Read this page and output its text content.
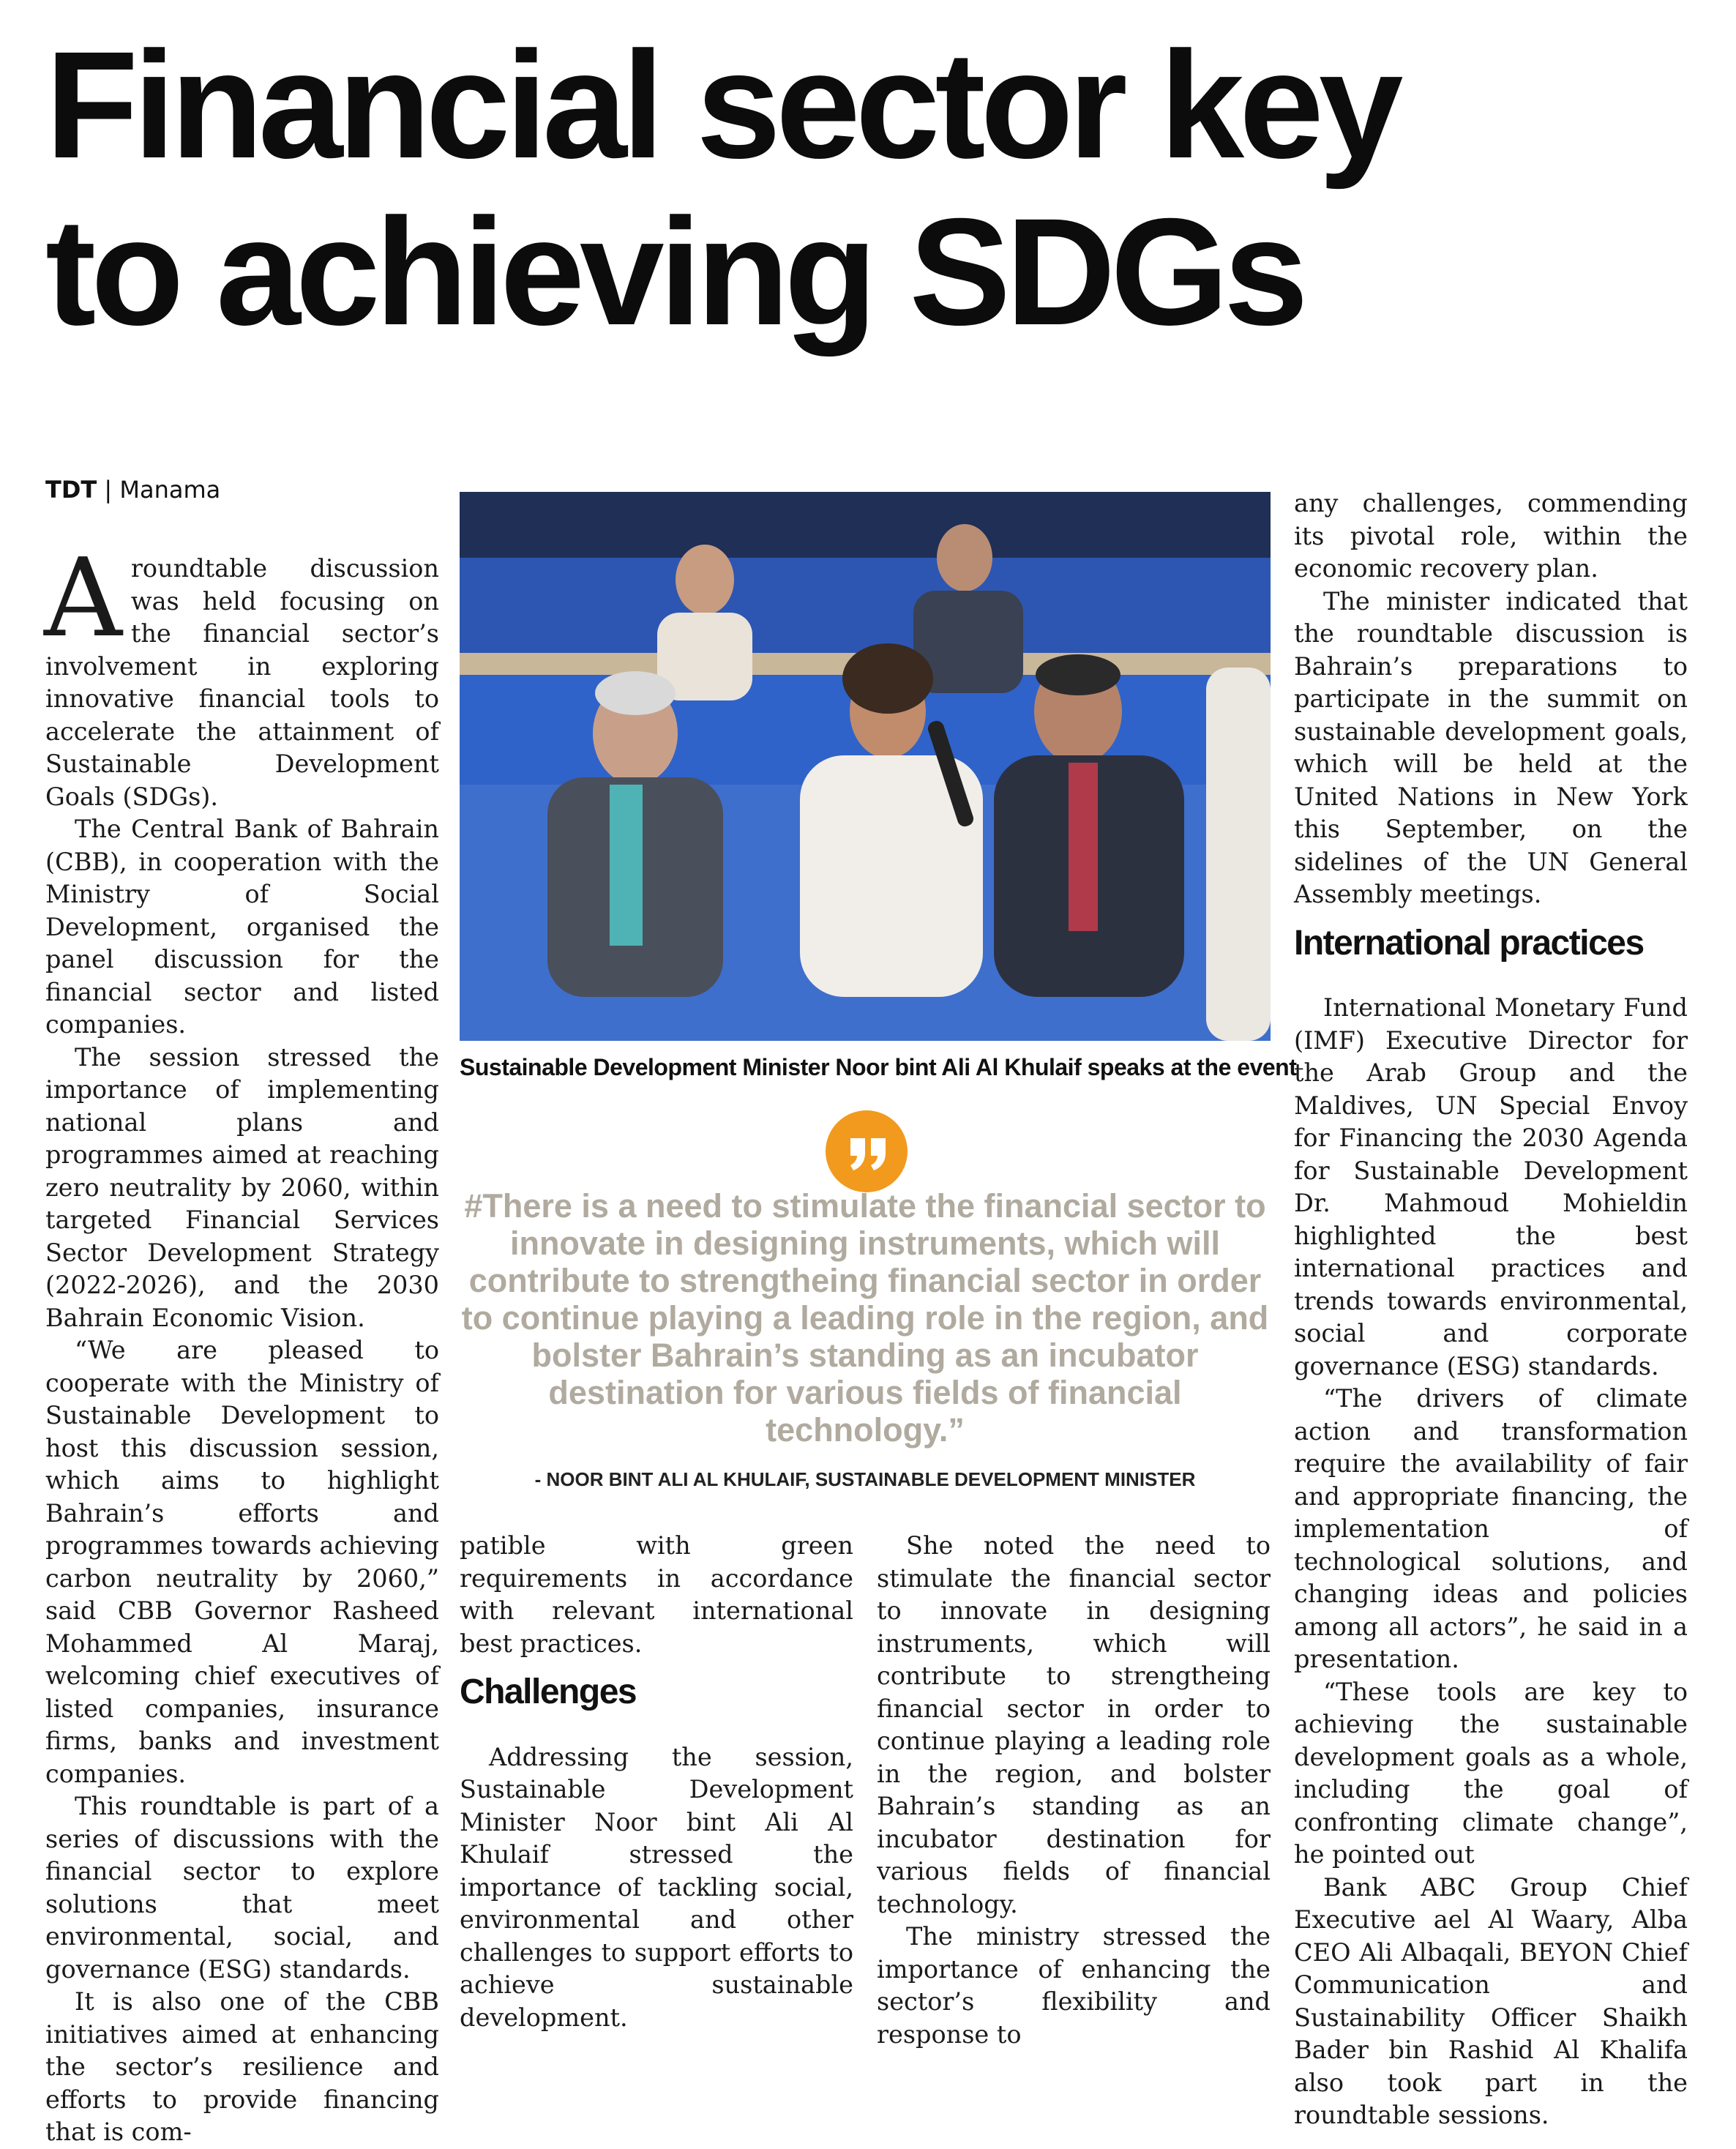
Financial sector key
to achieving SDGs
TDT | Manama

Aroundtable discussion was held focusing on the financial sector’s involvement in exploring innovative financial tools to accelerate the attainment of Sustainable Development Goals (SDGs).

The Central Bank of Bahrain (CBB), in cooperation with the Ministry of Social Development, organised the panel discussion for the financial sector and listed companies.

The session stressed the importance of implementing national plans and programmes aimed at reaching zero neutrality by 2060, within targeted Financial Services Sector Development Strategy (2022-2026), and the 2030 Bahrain Economic Vision.

“We are pleased to cooperate with the Ministry of Sustainable Development to host this discussion session, which aims to highlight Bahrain’s efforts and programmes towards achieving carbon neutrality by 2060,” said CBB Governor Rasheed Mohammed Al Maraj, welcoming chief executives of listed companies, insurance firms, banks and investment companies.

This roundtable is part of a series of discussions with the financial sector to explore solutions that meet environmental, social, and governance (ESG) standards.

It is also one of the CBB initiatives aimed at enhancing the sector’s resilience and efforts to provide financing that is com-

Sustainable Development Minister Noor bint Ali Al Khulaif speaks at the event
#There is a need to stimulate the financial sector to innovate in designing instruments, which will contribute to strengtheing financial sector in order to continue playing a leading role in the region, and bolster Bahrain’s standing as an incubator destination for various fields of financial technology.”
- NOOR BINT ALI AL KHULAIF, SUSTAINABLE DEVELOPMENT MINISTER

patible with green requirements in accordance with relevant international best practices.

Challenges

Addressing the session, Sustainable Development Minister Noor bint Ali Al Khulaif stressed the importance of tackling social, environmental and other challenges to support efforts to achieve sustainable development.

She noted the need to stimulate the financial sector to innovate in designing instruments, which will contribute to strengtheing financial sector in order to continue playing a leading role in the region, and bolster Bahrain’s standing as an incubator destination for various fields of financial technology.

The ministry stressed the importance of enhancing the sector’s flexibility and response to

any challenges, commending its pivotal role, within the economic recovery plan.

The minister indicated that the roundtable discussion is Bahrain’s preparations to participate in the summit on sustainable development goals, which will be held at the United Nations in New York this September, on the sidelines of the UN General Assembly meetings.

International practices

International Monetary Fund (IMF) Executive Director for the Arab Group and the Maldives, UN Special Envoy for Financing the 2030 Agenda for Sustainable Development Dr. Mahmoud Mohieldin highlighted the best international practices and trends towards environmental, social and corporate governance (ESG) standards.

“The drivers of climate action and transformation require the availability of fair and appropriate financing, the implementation of technological solutions, and changing ideas and policies among all actors”, he said in a presentation.

“These tools are key to achieving the sustainable development goals as a whole, including the goal of confronting climate change”, he pointed out

Bank ABC Group Chief Executive ael Al Waary, Alba CEO Ali Albaqali, BEYON Chief Communication and Sustainability Officer Shaikh Bader bin Rashid Al Khalifa also took part in the roundtable sessions.
